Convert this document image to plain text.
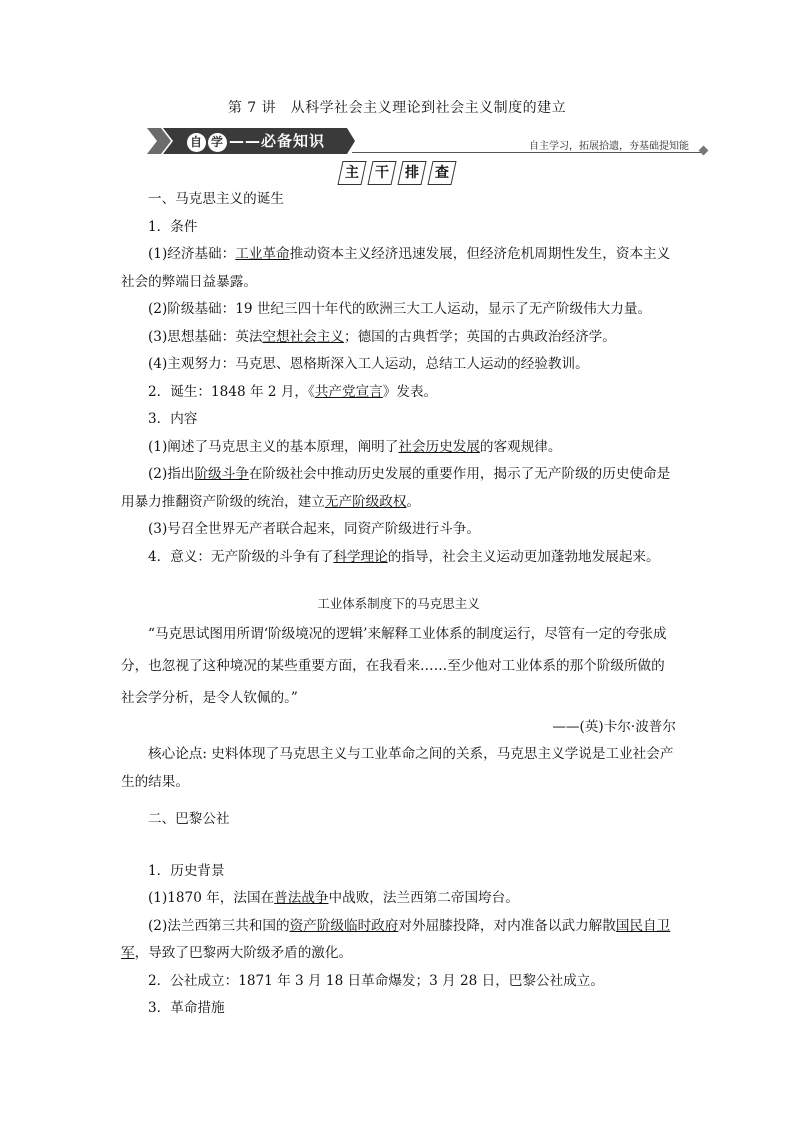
第 7 讲　从科学社会主义理论到社会主义制度的建立
自 学 ——必备知识	自主学习，拓展拾遗，夯基础提知能
主 干 排 查

一、马克思主义的诞生

1．条件

(1)经济基础：工业革命推动资本主义经济迅速发展，但经济危机周期性发生，资本主义社会的弊端日益暴露。

(2)阶级基础：19 世纪三四十年代的欧洲三大工人运动，显示了无产阶级伟大力量。

(3)思想基础：英法空想社会主义；德国的古典哲学；英国的古典政治经济学。

(4)主观努力：马克思、恩格斯深入工人运动，总结工人运动的经验教训。

2．诞生：1848 年 2 月，《共产党宣言》发表。

3．内容

(1)阐述了马克思主义的基本原理，阐明了社会历史发展的客观规律。

(2)指出阶级斗争在阶级社会中推动历史发展的重要作用，揭示了无产阶级的历史使命是用暴力推翻资产阶级的统治，建立无产阶级政权。

(3)号召全世界无产者联合起来，同资产阶级进行斗争。

4．意义：无产阶级的斗争有了科学理论的指导，社会主义运动更加蓬勃地发展起来。

工业体系制度下的马克思主义

“马克思试图用所谓‘阶级境况的逻辑’来解释工业体系的制度运行，尽管有一定的夸张成分，也忽视了这种境况的某些重要方面，在我看来……至少他对工业体系的那个阶级所做的社会学分析，是令人钦佩的。”

——(英)卡尔·波普尔

核心论点: 史料体现了马克思主义与工业革命之间的关系，马克思主义学说是工业社会产生的结果。

二、巴黎公社

1．历史背景

(1)1870 年，法国在普法战争中战败，法兰西第二帝国垮台。

(2)法兰西第三共和国的资产阶级临时政府对外屈膝投降，对内准备以武力解散国民自卫军，导致了巴黎两大阶级矛盾的激化。

2．公社成立：1871 年 3 月 18 日革命爆发；3 月 28 日，巴黎公社成立。

3．革命措施
